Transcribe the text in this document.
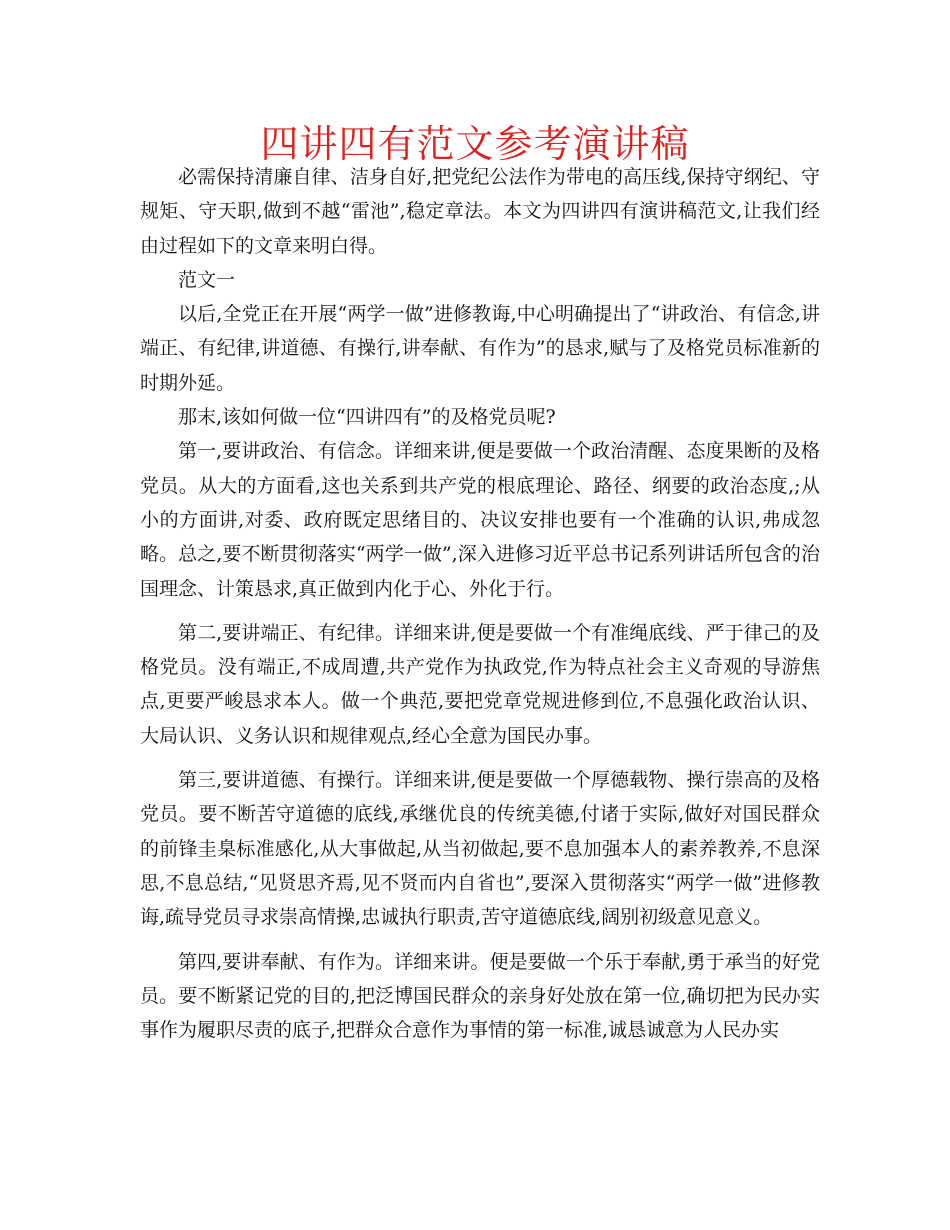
四讲四有范文参考演讲稿

必需保持清廉自律、洁身自好,把党纪公法作为带电的高压线,保持守纲纪、守规矩、守天职,做到不越“雷池”,稳定章法。本文为四讲四有演讲稿范文,让我们经由过程如下的文章来明白得。

范文一

以后,全党正在开展“两学一做”进修教诲,中心明确提出了“讲政治、有信念,讲端正、有纪律,讲道德、有操行,讲奉献、有作为”的恳求,赋与了及格党员标准新的时期外延。

那末,该如何做一位“四讲四有”的及格党员呢?

第一,要讲政治、有信念。详细来讲,便是要做一个政治清醒、态度果断的及格党员。从大的方面看,这也关系到共产党的根底理论、路径、纲要的政治态度,;从小的方面讲,对委、政府既定思绪目的、决议安排也要有一个准确的认识,弗成忽略。总之,要不断贯彻落实“两学一做”,深入进修习近平总书记系列讲话所包含的治国理念、计策恳求,真正做到内化于心、外化于行。

第二,要讲端正、有纪律。详细来讲,便是要做一个有准绳底线、严于律己的及格党员。没有端正,不成周遭,共产党作为执政党,作为特点社会主义奇观的导游焦点,更要严峻恳求本人。做一个典范,要把党章党规进修到位,不息强化政治认识、大局认识、义务认识和规律观点,经心全意为国民办事。

第三,要讲道德、有操行。详细来讲,便是要做一个厚德载物、操行崇高的及格党员。要不断苦守道德的底线,承继优良的传统美德,付诸于实际,做好对国民群众的前锋圭臬标准感化,从大事做起,从当初做起,要不息加强本人的素养教养,不息深思,不息总结,“见贤思齐焉,见不贤而内自省也”,要深入贯彻落实“两学一做”进修教诲,疏导党员寻求崇高情操,忠诚执行职责,苦守道德底线,阔别初级意见意义。

第四,要讲奉献、有作为。详细来讲。便是要做一个乐于奉献,勇于承当的好党员。要不断紧记党的目的,把泛博国民群众的亲身好处放在第一位,确切把为民办实事作为履职尽责的底子,把群众合意作为事情的第一标准,诚恳诚意为人民办实
